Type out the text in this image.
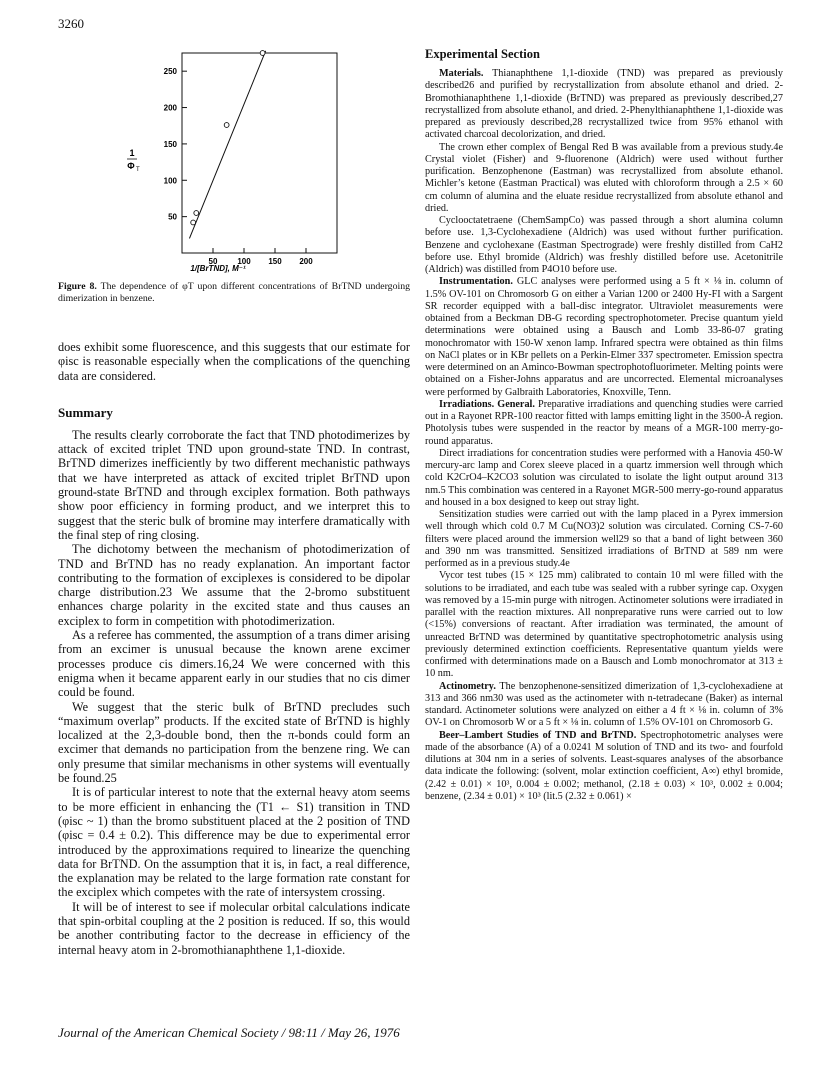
3260
50
100
150
200
250
50 100 150 200
1
Φ T
1/[BrTND], M⁻¹
Figure 8. The dependence of φT upon different concentrations of BrTND undergoing dimerization in benzene.

does exhibit some fluorescence, and this suggests that our estimate for φisc is reasonable especially when the complications of the quenching data are considered.

Summary

The results clearly corroborate the fact that TND photodimerizes by attack of excited triplet TND upon ground-state TND. In contrast, BrTND dimerizes inefficiently by two different mechanistic pathways that we have interpreted as attack of excited triplet BrTND upon ground-state BrTND and through exciplex formation. Both pathways show poor efficiency in forming product, and we interpret this to suggest that the steric bulk of bromine may interfere dramatically with the final step of ring closing.

The dichotomy between the mechanism of photodimerization of TND and BrTND has no ready explanation. An important factor contributing to the formation of exciplexes is considered to be dipolar charge distribution.23 We assume that the 2-bromo substituent enhances charge polarity in the excited state and thus causes an exciplex to form in competition with photodimerization.

As a referee has commented, the assumption of a trans dimer arising from an excimer is unusual because the known arene excimer processes produce cis dimers.16,24 We were concerned with this enigma when it became apparent early in our studies that no cis dimer could be found.

We suggest that the steric bulk of BrTND precludes such “maximum overlap” products. If the excited state of BrTND is highly localized at the 2,3-double bond, then the π-bonds could form an excimer that demands no participation from the benzene ring. We can only presume that similar mechanisms in other systems will eventually be found.25

It is of particular interest to note that the external heavy atom seems to be more efficient in enhancing the (T1 ← S1) transition in TND (φisc ~ 1) than the bromo substituent placed at the 2 position of TND (φisc = 0.4 ± 0.2). This difference may be due to experimental error introduced by the approximations required to linearize the quenching data for BrTND. On the assumption that it is, in fact, a real difference, the explanation may be related to the large formation rate constant for the exciplex which competes with the rate of intersystem crossing.

It will be of interest to see if molecular orbital calculations indicate that spin-orbital coupling at the 2 position is reduced. If so, this would be another contributing factor to the decrease in efficiency of the internal heavy atom in 2-bromothianaphthene 1,1-dioxide.

Experimental Section

Materials. Thianaphthene 1,1-dioxide (TND) was prepared as previously described26 and purified by recrystallization from absolute ethanol and dried. 2-Bromothianaphthene 1,1-dioxide (BrTND) was prepared as previously described,27 recrystallized from absolute ethanol, and dried. 2-Phenylthianaphthene 1,1-dioxide was prepared as previously described,28 recrystallized twice from 95% ethanol with activated charcoal decolorization, and dried.

The crown ether complex of Bengal Red B was available from a previous study.4e Crystal violet (Fisher) and 9-fluorenone (Aldrich) were used without further purification. Benzophenone (Eastman) was recrystallized from absolute ethanol. Michler’s ketone (Eastman Practical) was eluted with chloroform through a 2.5 × 60 cm column of alumina and the eluate residue recrystallized from absolute ethanol and dried.

Cyclooctatetraene (ChemSampCo) was passed through a short alumina column before use. 1,3-Cyclohexadiene (Aldrich) was used without further purification. Benzene and cyclohexane (Eastman Spectrograde) were freshly distilled from CaH2 before use. Ethyl bromide (Aldrich) was freshly distilled before use. Acetonitrile (Aldrich) was distilled from P4O10 before use.

Instrumentation. GLC analyses were performed using a 5 ft × ⅛ in. column of 1.5% OV-101 on Chromosorb G on either a Varian 1200 or 2400 Hy-FI with a Sargent SR recorder equipped with a ball-disc integrator. Ultraviolet measurements were obtained from a Beckman DB-G recording spectrophotometer. Precise quantum yield determinations were obtained using a Bausch and Lomb 33-86-07 grating monochromator with 150-W xenon lamp. Infrared spectra were obtained as thin films on NaCl plates or in KBr pellets on a Perkin-Elmer 337 spectrometer. Emission spectra were determined on an Aminco-Bowman spectrophotofluorimeter. Melting points were obtained on a Fisher-Johns apparatus and are uncorrected. Elemental microanalyses were performed by Galbraith Laboratories, Knoxville, Tenn.

Irradiations. General. Preparative irradiations and quenching studies were carried out in a Rayonet RPR-100 reactor fitted with lamps emitting light in the 3500-Å region. Photolysis tubes were suspended in the reactor by means of a MGR-100 merry-go-round apparatus.

Direct irradiations for concentration studies were performed with a Hanovia 450-W mercury-arc lamp and Corex sleeve placed in a quartz immersion well through which cold K2CrO4–K2CO3 solution was circulated to isolate the light output around 313 nm.5 This combination was centered in a Rayonet MGR-500 merry-go-round apparatus and housed in a box designed to keep out stray light.

Sensitization studies were carried out with the lamp placed in a Pyrex immersion well through which cold 0.7 M Cu(NO3)2 solution was circulated. Corning CS-7-60 filters were placed around the immersion well29 so that a band of light between 360 and 390 nm was transmitted. Sensitized irradiations of BrTND at 589 nm were performed as in a previous study.4e

Vycor test tubes (15 × 125 mm) calibrated to contain 10 ml were filled with the solutions to be irradiated, and each tube was sealed with a rubber syringe cap. Oxygen was removed by a 15-min purge with nitrogen. Actinometer solutions were irradiated in parallel with the reaction mixtures. All nonpreparative runs were carried out to low (<15%) conversions of reactant. After irradiation was terminated, the amount of unreacted BrTND was determined by quantitative spectrophotometric analysis using previously determined extinction coefficients. Representative quantum yields were confirmed with determinations made on a Bausch and Lomb monochromator at 313 ± 10 nm.

Actinometry. The benzophenone-sensitized dimerization of 1,3-cyclohexadiene at 313 and 366 nm30 was used as the actinometer with n-tetradecane (Baker) as internal standard. Actinometer solutions were analyzed on either a 4 ft × ⅛ in. column of 3% OV-1 on Chromosorb W or a 5 ft × ⅛ in. column of 1.5% OV-101 on Chromosorb G.

Beer–Lambert Studies of TND and BrTND. Spectrophotometric analyses were made of the absorbance (A) of a 0.0241 M solution of TND and its two- and fourfold dilutions at 304 nm in a series of solvents. Least-squares analyses of the absorbance data indicate the following: (solvent, molar extinction coefficient, A∞) ethyl bromide, (2.42 ± 0.01) × 10³, 0.004 ± 0.002; methanol, (2.18 ± 0.03) × 10³, 0.002 ± 0.004; benzene, (2.34 ± 0.01) × 10³ (lit.5 (2.32 ± 0.061) ×

Journal of the American Chemical Society / 98:11 / May 26, 1976
